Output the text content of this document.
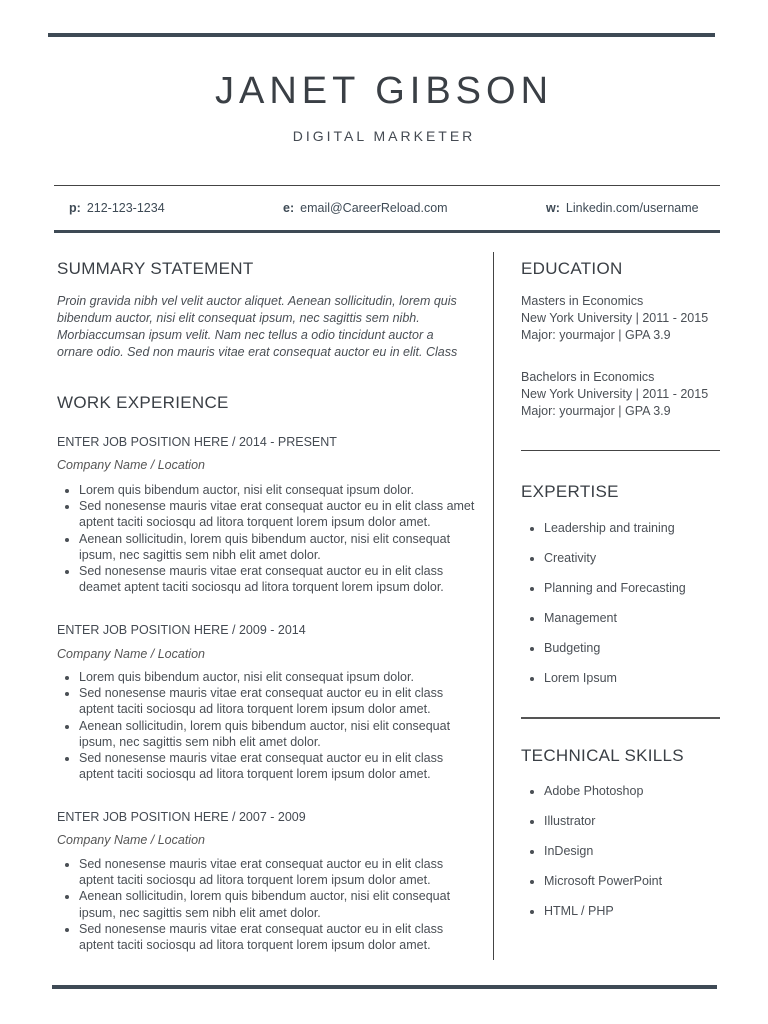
JANET GIBSON
DIGITAL MARKETER
p: 212-123-1234	e: email@CareerReload.com	w: Linkedin.com/username
SUMMARY STATEMENT
Proin gravida nibh vel velit auctor aliquet. Aenean sollicitudin, lorem quis bibendum auctor, nisi elit consequat ipsum, nec sagittis sem nibh. Morbiaccumsan ipsum velit. Nam nec tellus a odio tincidunt auctor a ornare odio. Sed non mauris vitae erat consequat auctor eu in elit. Class
WORK EXPERIENCE
ENTER JOB POSITION HERE / 2014 - PRESENT
Company Name / Location
• Lorem quis bibendum auctor, nisi elit consequat ipsum dolor.
• Sed nonesense mauris vitae erat consequat auctor eu in elit class amet aptent taciti sociosqu ad litora torquent lorem ipsum dolor amet.
• Aenean sollicitudin, lorem quis bibendum auctor, nisi elit consequat ipsum, nec sagittis sem nibh elit amet dolor.
• Sed nonesense mauris vitae erat consequat auctor eu in elit class deamet aptent taciti sociosqu ad litora torquent lorem ipsum dolor.
ENTER JOB POSITION HERE / 2009 - 2014
Company Name / Location
• Lorem quis bibendum auctor, nisi elit consequat ipsum dolor.
• Sed nonesense mauris vitae erat consequat auctor eu in elit class aptent taciti sociosqu ad litora torquent lorem ipsum dolor amet.
• Aenean sollicitudin, lorem quis bibendum auctor, nisi elit consequat ipsum, nec sagittis sem nibh elit amet dolor.
• Sed nonesense mauris vitae erat consequat auctor eu in elit class aptent taciti sociosqu ad litora torquent lorem ipsum dolor amet.
ENTER JOB POSITION HERE / 2007 - 2009
Company Name / Location
• Sed nonesense mauris vitae erat consequat auctor eu in elit class aptent taciti sociosqu ad litora torquent lorem ipsum dolor amet.
• Aenean sollicitudin, lorem quis bibendum auctor, nisi elit consequat ipsum, nec sagittis sem nibh elit amet dolor.
• Sed nonesense mauris vitae erat consequat auctor eu in elit class aptent taciti sociosqu ad litora torquent lorem ipsum dolor amet.
EDUCATION
Masters in Economics
New York University | 2011 - 2015
Major: yourmajor | GPA 3.9
Bachelors in Economics
New York University | 2011 - 2015
Major: yourmajor | GPA 3.9
EXPERTISE
• Leadership and training
• Creativity
• Planning and Forecasting
• Management
• Budgeting
• Lorem Ipsum
TECHNICAL SKILLS
• Adobe Photoshop
• Illustrator
• InDesign
• Microsoft PowerPoint
• HTML / PHP
